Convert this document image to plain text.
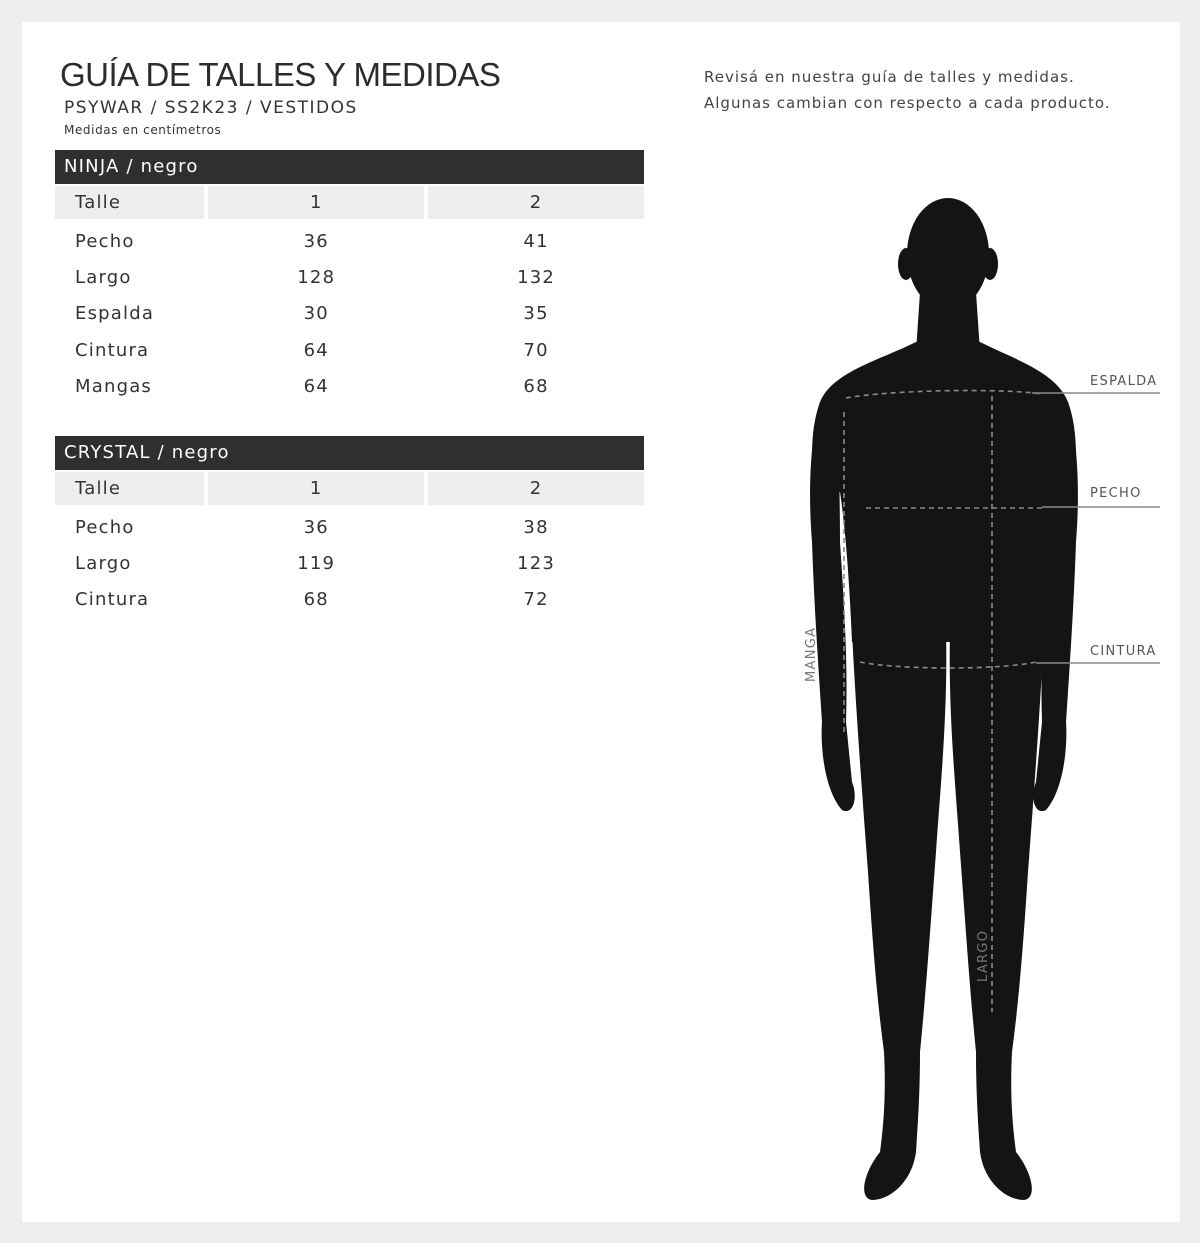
GUÍA DE TALLES Y MEDIDAS
PSYWAR / SS2K23 / VESTIDOS
Medidas en centímetros
Revisá en nuestra guía de talles y medidas.
Algunas cambian con respecto a cada producto.
NINJA / negro
Talle	1	2
Pecho	36	41
Largo	128	132
Espalda	30	35
Cintura	64	70
Mangas	64	68
CRYSTAL / negro
Talle	1	2
Pecho	36	38
Largo	119	123
Cintura	68	72
ESPALDA
PECHO
CINTURA
MANGA
LARGO
